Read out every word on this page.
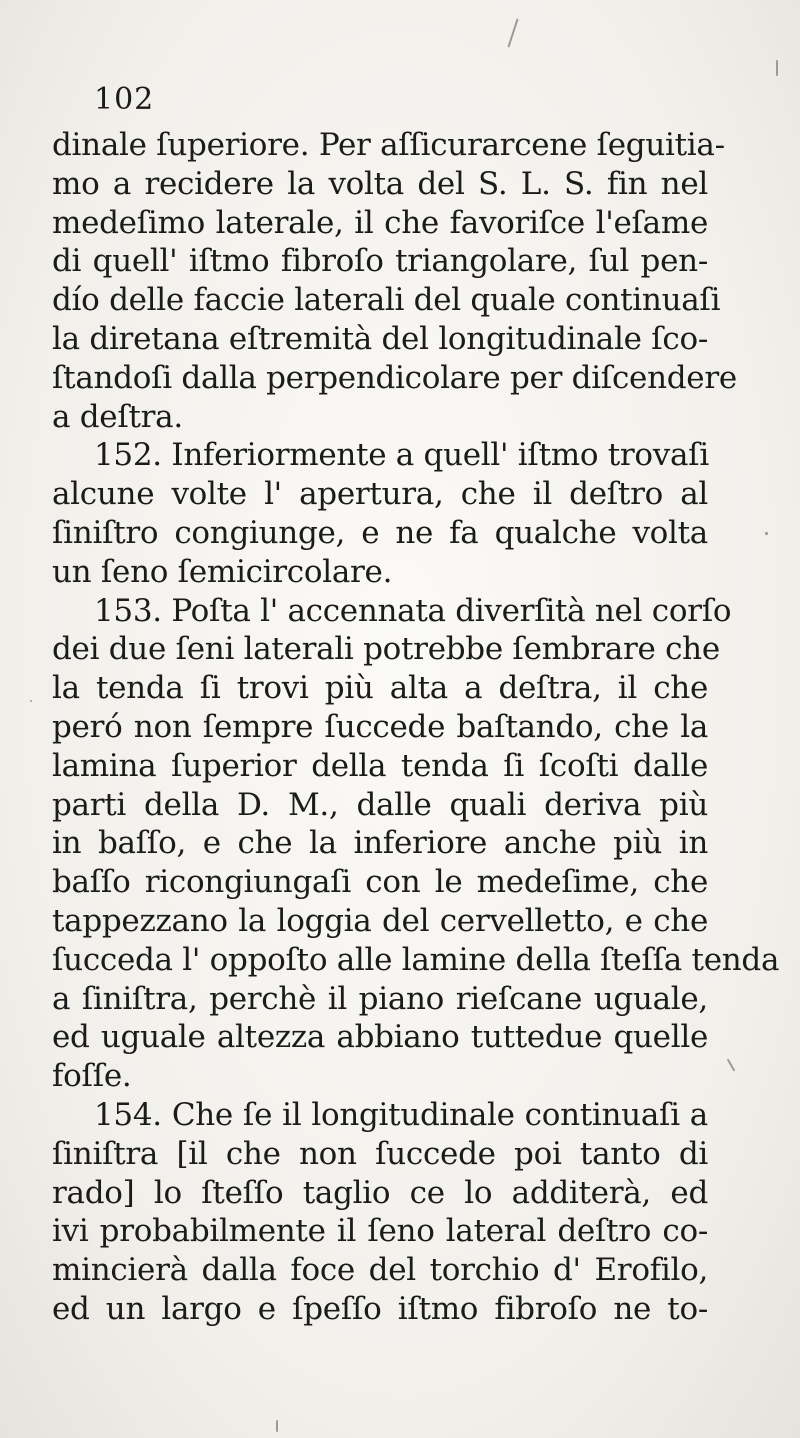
102
dinale ſuperiore. Per aſſicurarcene ſeguitia-
mo a recidere la volta del S. L. S. fin nel
medeſimo laterale, il che favoriſce l'eſame
di quell' iſtmo fibroſo triangolare, ſul pen-
dío delle faccie laterali del quale continuaſi
la diretana eſtremità del longitudinale ſco-
ſtandoſi dalla perpendicolare per diſcendere
a deſtra.
152. Inferiormente a quell' iſtmo trovaſi
alcune volte l' apertura, che il deſtro al
ſiniſtro congiunge, e ne fa qualche volta
un ſeno ſemicircolare.
153. Poſta l' accennata diverſità nel corſo
dei due ſeni laterali potrebbe ſembrare che
la tenda ſi trovi più alta a deſtra, il che
peró non ſempre ſuccede baſtando, che la
lamina ſuperior della tenda ſi ſcoſti dalle
parti della D. M., dalle quali deriva più
in baſſo, e che la inferiore anche più in
baſſo ricongiungaſi con le medeſime, che
tappezzano la loggia del cervelletto, e che
ſucceda l' oppoſto alle lamine della ſteſſa tenda
a ſiniſtra, perchè il piano rieſcane uguale,
ed uguale altezza abbiano tuttedue quelle
foſſe.
154. Che ſe il longitudinale continuaſi a
ſiniſtra [il che non ſuccede poi tanto di
rado] lo ſteſſo taglio ce lo additerà, ed
ivi probabilmente il ſeno lateral deſtro co-
mincierà dalla foce del torchio d' Erofilo,
ed un largo e ſpeſſo iſtmo fibroſo ne to-
